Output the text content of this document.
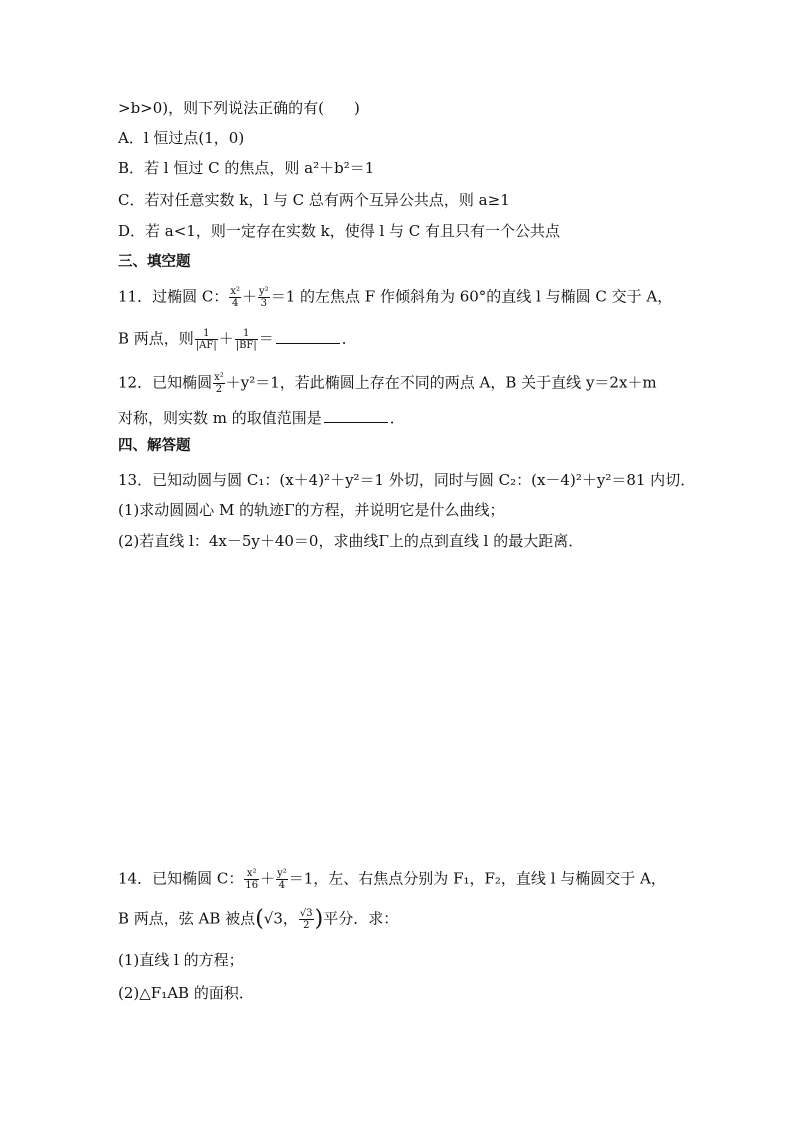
>b>0)，则下列说法正确的有(　　)
A．l 恒过点(1，0)
B．若 l 恒过 C 的焦点，则 a²＋b²＝1
C．若对任意实数 k，l 与 C 总有两个互异公共点，则 a≥1
D．若 a<1，则一定存在实数 k，使得 l 与 C 有且只有一个公共点
三、填空题
11．过椭圆 C： $\frac{\text{x²}}{4} + \frac{\text{y²}}{3} =1$ 的左焦点 F 作倾斜角为 60°的直线 l 与椭圆 C 交于 A，
B 两点，则 $\frac{1}{|AF|} + \frac{1}{|BF|}$ ＝	．
12．已知椭圆 $\frac{\text{x²}}{2} +y^2=1$，若此椭圆上存在不同的两点 A，B 关于直线 y＝2x＋m
对称，则实数 m 的取值范围是	．
四、解答题
13．已知动圆与圆 C₁：(x＋4)²＋y²＝1 外切，同时与圆 C₂：(x－4)²＋y²＝81 内切．
(1)求动圆圆心 M 的轨迹Γ的方程，并说明它是什么曲线；
(2)若直线 l：4x－5y＋40＝0，求曲线Γ上的点到直线 l 的最大距离．
14．已知椭圆 C： $\frac{\text{x²}}{16} + \frac{\text{y²}}{4} =1$，左、右焦点分别为 F₁，F₂，直线 l 与椭圆交于 A，
B 两点，弦 AB 被点(√3， $\frac{√3}{2}$ )平分．求：
(1)直线 l 的方程；
(2)△F₁AB 的面积．
